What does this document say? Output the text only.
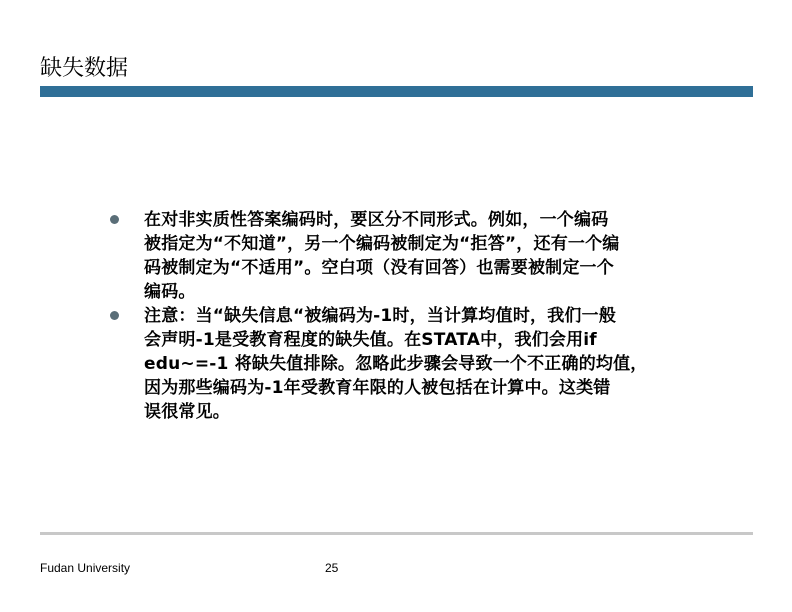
缺失数据
在对非实质性答案编码时，要区分不同形式。例如，一个编码
被指定为“不知道”，另一个编码被制定为“拒答”，还有一个编
码被制定为“不适用”。空白项（没有回答）也需要被制定一个
编码。
注意：当“缺失信息“被编码为-1时，当计算均值时，我们一般
会声明-1是受教育程度的缺失值。在STATA中，我们会用if
edu~=-1 将缺失值排除。忽略此步骤会导致一个不正确的均值，
因为那些编码为-1年受教育年限的人被包括在计算中。这类错
误很常见。
Fudan University	25
